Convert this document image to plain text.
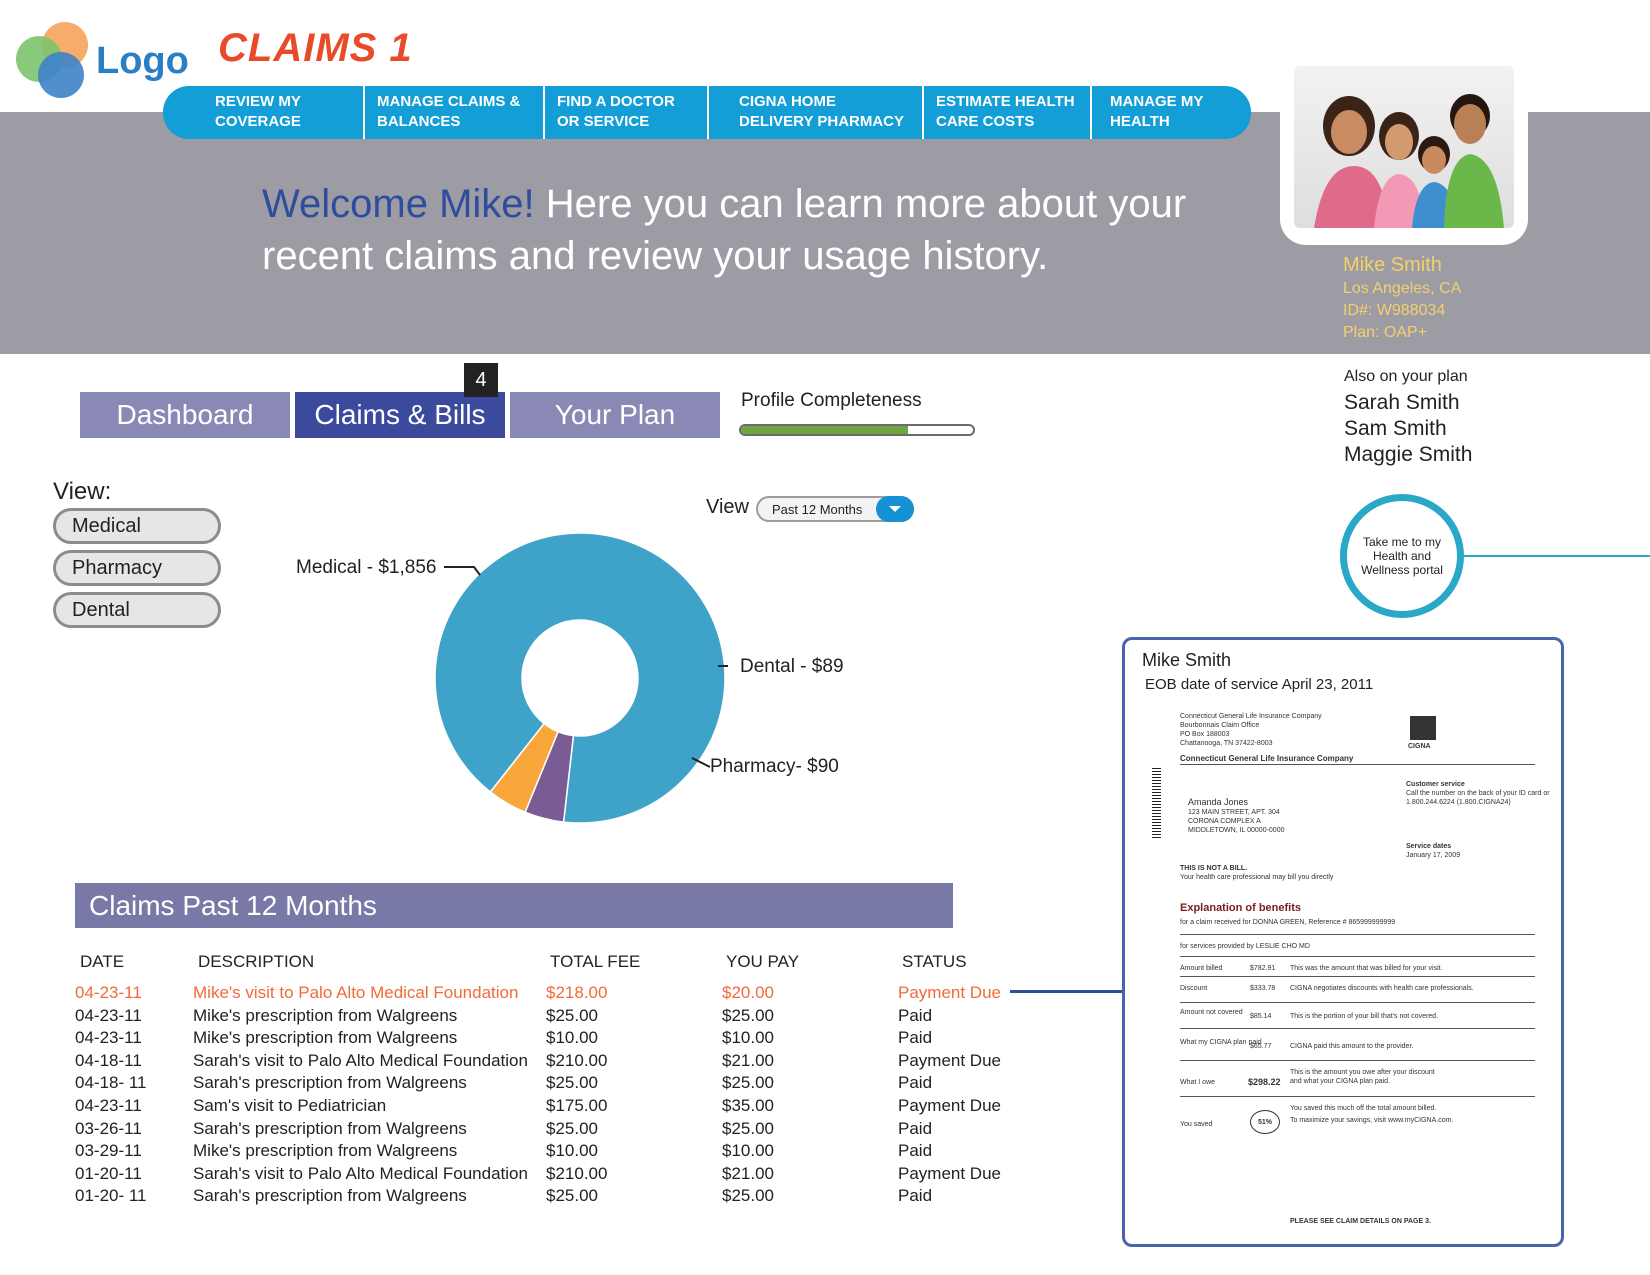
Logo CLAIMS 1
REVIEW MY COVERAGE
MANAGE CLAIMS & BALANCES
FIND A DOCTOR OR SERVICE
CIGNA HOME DELIVERY PHARMACY
ESTIMATE HEALTH CARE COSTS
MANAGE MY HEALTH
Welcome Mike! Here you can learn more about your recent claims and review your usage history.	Mike Smith
Los Angeles, CA
ID#: W988034
Plan: OAP+
Dashboard	Claims & Bills	Your Plan
4
Profile Completeness
Also on your plan
Sarah Smith
Sam Smith
Maggie Smith
Take me to my Health and Wellness portal
View:
Medical
Pharmacy
Dental
View Past 12 Months
Medical - $1,856
Dental - $89
Pharmacy- $90
Claims Past 12 Months
DATE	DESCRIPTION	TOTAL FEE	YOU PAY	STATUS
04-23-11	Mike's visit to Palo Alto Medical Foundation $218.00	$20.00	Payment Due
04-23-11	Mike's prescription from Walgreens	$25.00	$25.00	Paid
04-23-11	Mike's prescription from Walgreens	$10.00	$10.00	Paid
04-18-11	Sarah's visit to Palo Alto Medical Foundation $210.00	$21.00	Payment Due
04-18- 11	Sarah's prescription from Walgreens	$25.00	$25.00	Paid
04-23-11	Sam's visit to Pediatrician	$175.00	$35.00	Payment Due
03-26-11	Sarah's prescription from Walgreens	$25.00	$25.00	Paid
03-29-11	Mike's prescription from Walgreens	$10.00	$10.00	Paid
01-20-11	Sarah's visit to Palo Alto Medical Foundation $210.00	$21.00	Payment Due
01-20- 11	Sarah's prescription from Walgreens	$25.00	$25.00	Paid
Mike Smith
EOB date of service April 23, 2011
Connecticut General Life Insurance Company
Bourbonnais Claim Office
PO Box 188003
Chattanooga, TN 37422-8003	CIGNA
Connecticut General Life Insurance Company
Amanda Jones
123 MAIN STREET, APT. 304
CORONA COMPLEX A
MIDDLETOWN, IL 00000-0000
Customer service
Call the number on the back of your ID card or
1.800.244.6224 (1.800.CIGNA24)
Service dates
January 17, 2009
THIS IS NOT A BILL.
Your health care professional may bill you directly
Explanation of benefits
for a claim received for DONNA GREEN, Reference # 865999999999
for services provided by LESLIE CHO MD
Amount billed	$782.91 This was the amount that was billed for your visit.
Discount	$333.78 CIGNA negotiates discounts with health care professionals.
Amount not covered
$85.14	This is the portion of your bill that's not covered.
What my CIGNA plan paid
$65.77	CIGNA paid this amount to the provider.
What I owe	$298.22
This is the amount you owe after your discount
and what your CIGNA plan paid.
You saved	51%
You saved this much off the total amount billed.
To maximize your savings, visit www.myCIGNA.com.
PLEASE SEE CLAIM DETAILS ON PAGE 3.
